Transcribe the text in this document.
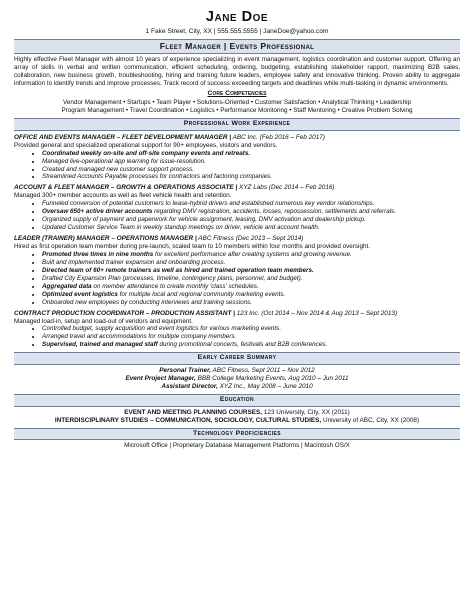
Jane Doe
1 Fake Street, City, XX | 555.555.5555 | JaneDoe@yahoo.com
Fleet Manager | Events Professional
Highly effective Fleet Manager with almost 10 years of experience specializing in event management, logistics coordination and customer support. Offering an array of skills in verbal and written communication, efficient scheduling, ordering, budgeting, establishing stakeholder rapport, maximizing B2B sales, collaboration, new business growth, troubleshooting, hiring and training future leaders, employee safety and innovative thinking. Proven ability to aggregate information to identify trends and improve processes. Track record of success exceeding targets and deadlines while multi-tasking in dynamic environments.
Core Competencies
Vendor Management • Startups • Team Player • Solutions-Oriented • Customer Satisfaction • Analytical Thinking • Leadership
Program Management • Travel Coordination • Logistics • Performance Monitoring • Staff Mentoring • Creative Problem Solving
Professional Work Experience
OFFICE AND EVENTS MANAGER – FLEET DEVELOPMENT MANAGER | ABC Inc. (Feb 2016 – Feb 2017)
Provided general and specialized operational support for 90+ employees, visitors and vendors.
• Coordinated weekly on-site and off-site company events and retreats.
• Managed live-operational app learning for issue-resolution.
• Created and managed new customer support process.
• Streamlined Accounts Payable processes for contractors and factoring companies.
ACCOUNT & FLEET MANAGER – GROWTH & OPERATIONS ASSOCIATE | XYZ Labs (Dec 2014 – Feb 2016)
Managed 300+ member accounts as well as fleet vehicle health and retention.
• Funneled conversion of potential customers to lease-hybrid drivers and established numerous key vendor relationships.
• Oversaw 650+ active driver accounts regarding DMV registration, accidents, losses, repossession, settlements and referrals.
• Organized supply of payment and paperwork for vehicle assignment, leasing, DMV activation and dealership pickup.
• Updated Customer Service Team in weekly standup meetings on driver, vehicle and account health.
LEADER (TRAINER) MANAGER – OPERATIONS MANAGER | ABC Fitness (Dec 2013 – Sept 2014)
Hired as first operation team member during pre-launch, scaled team to 10 members within four months and provided oversight.
• Promoted three times in nine months for excellent performance after creating systems and growing revenue.
• Built and implemented trainer expansion and onboarding process.
• Directed team of 60+ remote trainers as well as hired and trained operation team members.
• Drafted City Expansion Plan (processes, timeline, contingency plans, personnel, and budget).
• Aggregated data on member attendance to create monthly 'class' schedules.
• Optimized event logistics for multiple local and regional community marketing events.
• Onboarded new employees by conducting interviews and training sessions.
CONTRACT PRODUCTION COORDINATOR – PRODUCTION ASSISTANT | 123 Inc. (Oct 2014 – Nov 2014 & Aug 2013 – Sept 2013)
Managed load-in, setup and load-out of vendors and equipment.
• Controlled budget, supply acquisition and event logistics for various marketing events.
• Arranged travel and accommodations for multiple company members.
• Supervised, trained and managed staff during promotional concerts, festivals and B2B conferences.
Early Career Summary
Personal Trainer, ABC Fitness, Sept 2011 – Nov 2012
Event Project Manager, BBB College Marketing Events, Aug 2010 – Jun 2011
Assistant Director, XYZ Inc., May 2008 – June 2010
Education
EVENT AND MEETING PLANNING COURSES, 123 University, City, XX (2011)
INTERDISCIPLINARY STUDIES – COMMUNICATION, SOCIOLOGY, CULTURAL STUDIES, University of ABC, City, XX (2008)
Technology Proficiencies
Microsoft Office | Proprietary Database Management Platforms | Macintosh OS/X
